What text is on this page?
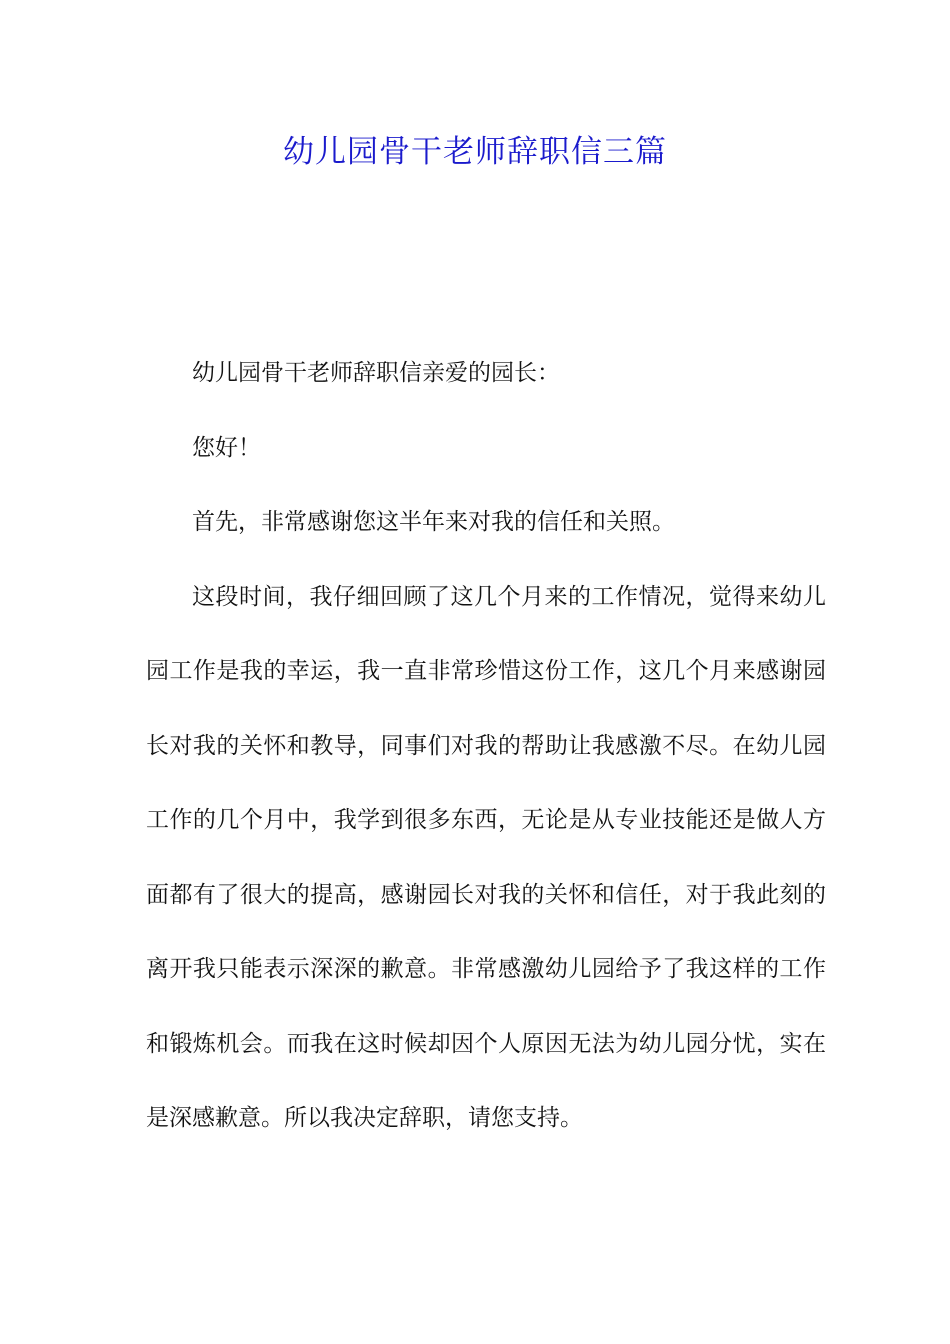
幼儿园骨干老师辞职信三篇

幼儿园骨干老师辞职信亲爱的园长：

您好！

首先，非常感谢您这半年来对我的信任和关照。

这段时间，我仔细回顾了这几个月来的工作情况，觉得来幼儿园工作是我的幸运，我一直非常珍惜这份工作，这几个月来感谢园长对我的关怀和教导，同事们对我的帮助让我感激不尽。在幼儿园工作的几个月中，我学到很多东西，无论是从专业技能还是做人方面都有了很大的提高，感谢园长对我的关怀和信任，对于我此刻的离开我只能表示深深的歉意。非常感激幼儿园给予了我这样的工作和锻炼机会。而我在这时候却因个人原因无法为幼儿园分忧，实在是深感歉意。所以我决定辞职，请您支持。
